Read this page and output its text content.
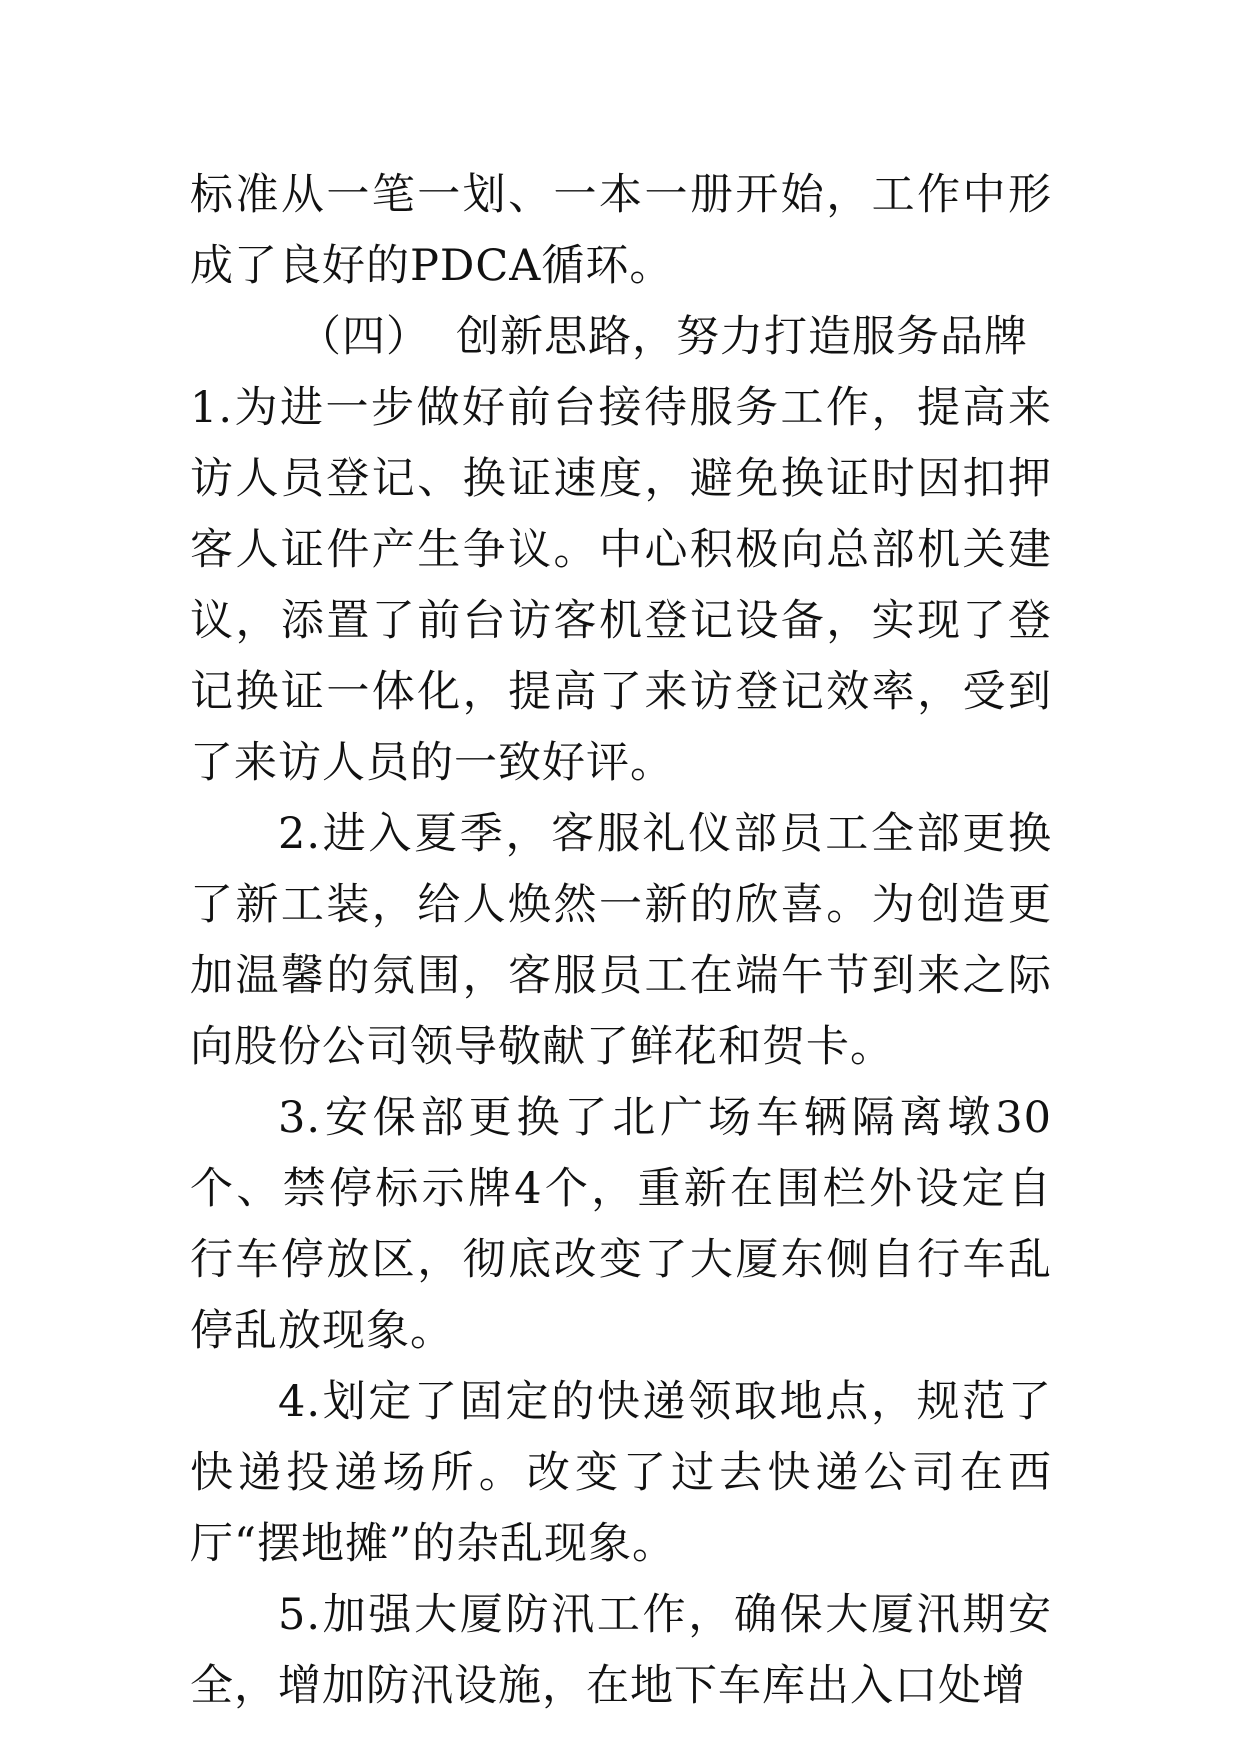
标准从一笔一划、一本一册开始，工作中形成了良好的PDCA循环。

（四） 创新思路，努力打造服务品牌

1.为进一步做好前台接待服务工作，提高来访人员登记、换证速度，避免换证时因扣押客人证件产生争议。中心积极向总部机关建议，添置了前台访客机登记设备，实现了登记换证一体化，提高了来访登记效率，受到了来访人员的一致好评。

2.进入夏季，客服礼仪部员工全部更换了新工装，给人焕然一新的欣喜。为创造更加温馨的氛围，客服员工在端午节到来之际向股份公司领导敬献了鲜花和贺卡。

3.安保部更换了北广场车辆隔离墩30个、禁停标示牌4个，重新在围栏外设定自行车停放区，彻底改变了大厦东侧自行车乱停乱放现象。

4.划定了固定的快递领取地点，规范了快递投递场所。改变了过去快递公司在西厅“摆地摊”的杂乱现象。

5.加强大厦防汛工作，确保大厦汛期安全，增加防汛设施，在地下车库出入口处增
